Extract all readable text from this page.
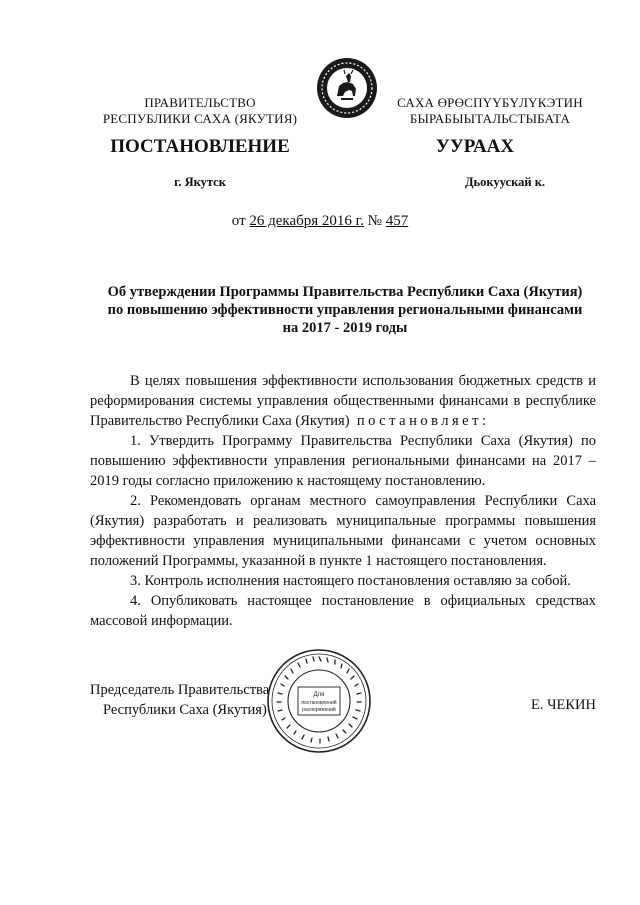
ПРАВИТЕЛЬСТВО
РЕСПУБЛИКИ САХА (ЯКУТИЯ)
САХА ӨРӨСПҮҮБҮЛҮКЭТИН
БЫРАБЫЫТАЛЬСТЫБАТА
ПОСТАНОВЛЕНИЕ	УУРААХ
г. Якутск	Дьокуускай к.
от 26 декабря 2016 г. № 457
Об утверждении Программы Правительства Республики Саха (Якутия)
по повышению эффективности управления региональными финансами
на 2017 - 2019 годы

В целях повышения эффективности использования бюджетных средств и реформирования системы управления общественными финансами в республике Правительство Республики Саха (Якутия) постановляет:

1. Утвердить Программу Правительства Республики Саха (Якутия) по повышению эффективности управления региональными финансами на 2017 – 2019 годы согласно приложению к настоящему постановлению.

2. Рекомендовать органам местного самоуправления Республики Саха (Якутия) разработать и реализовать муниципальные программы повышения эффективности управления муниципальными финансами с учетом основных положений Программы, указанной в пункте 1 настоящего постановления.

3. Контроль исполнения настоящего постановления оставляю за собой.

4. Опубликовать настоящее постановление в официальных средствах массовой информации.

Председатель Правительства
Республики Саха (Якутия)	Е. ЧЕКИН
Для
постановлений
распоряжений
